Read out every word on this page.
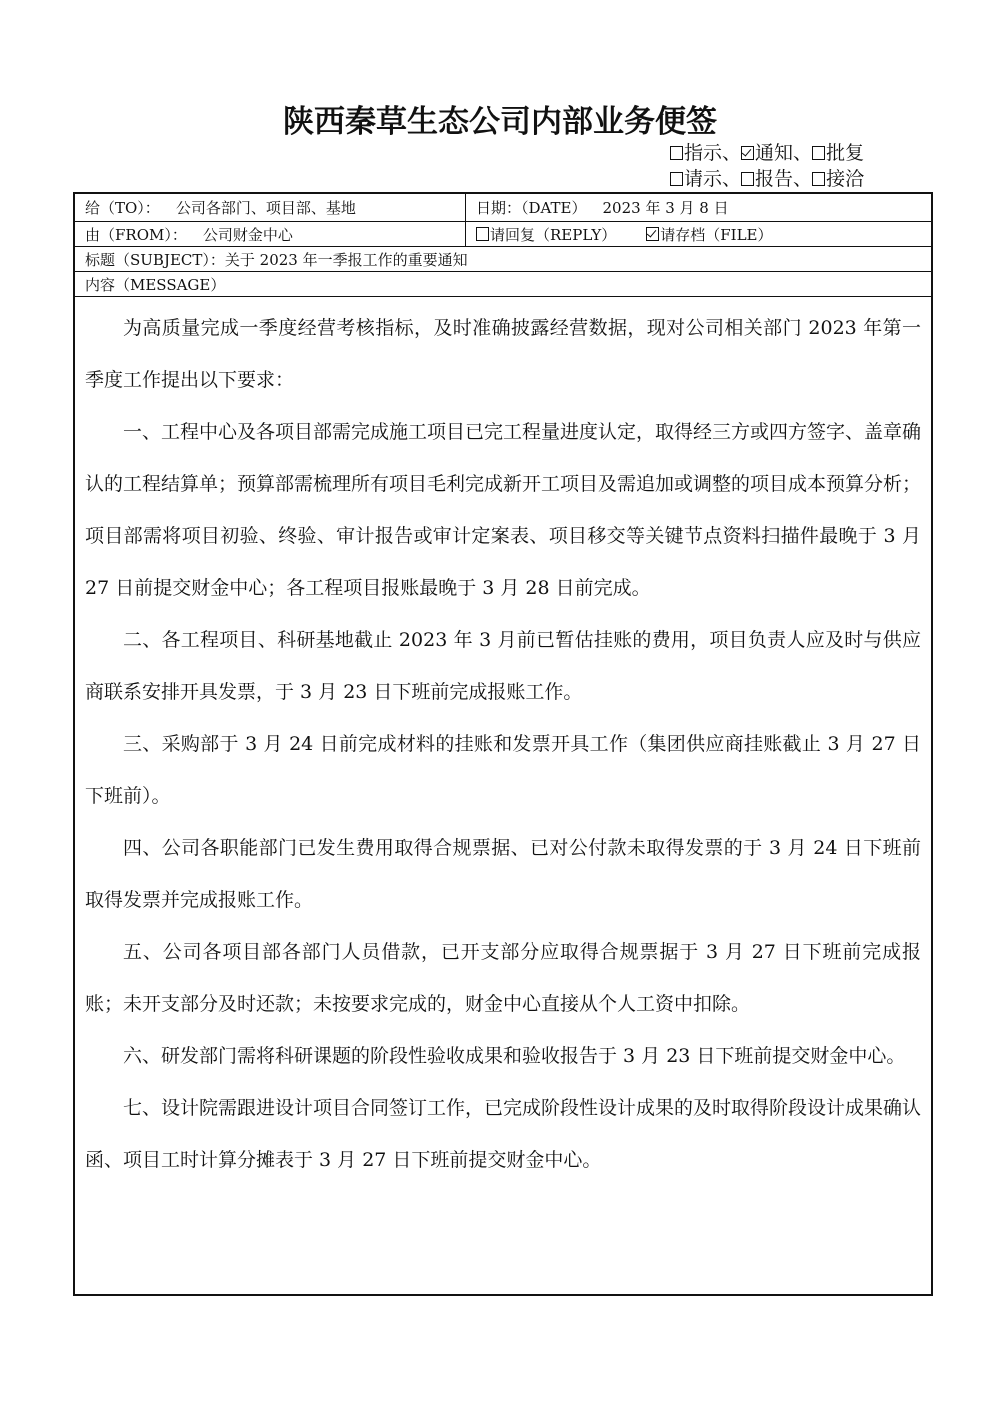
陕西秦草生态公司内部业务便签
指示、 通知、 批复
请示、 报告、 接洽
给（TO）： 公司各部门、项目部、基地	日期：（DATE） 2023 年 3 月 8 日
由（FROM）： 公司财金中心	请回复（REPLY）	请存档（FILE）
标题（SUBJECT）： 关于 2023 年一季报工作的重要通知
内容（MESSAGE）

为高质量完成一季度经营考核指标，及时准确披露经营数据，现对公司相关部门 2023 年第一季度工作提出以下要求：

一、工程中心及各项目部需完成施工项目已完工程量进度认定，取得经三方或四方签字、盖章确认的工程结算单；预算部需梳理所有项目毛利完成新开工项目及需追加或调整的项目成本预算分析；项目部需将项目初验、终验、审计报告或审计定案表、项目移交等关键节点资料扫描件最晚于 3 月 27 日前提交财金中心；各工程项目报账最晚于 3 月 28 日前完成。

二、各工程项目、科研基地截止 2023 年 3 月前已暂估挂账的费用，项目负责人应及时与供应商联系安排开具发票，于 3 月 23 日下班前完成报账工作。

三、采购部于 3 月 24 日前完成材料的挂账和发票开具工作（集团供应商挂账截止 3 月 27 日下班前）。

四、公司各职能部门已发生费用取得合规票据、已对公付款未取得发票的于 3 月 24 日下班前取得发票并完成报账工作。

五、公司各项目部各部门人员借款，已开支部分应取得合规票据于 3 月 27 日下班前完成报账；未开支部分及时还款；未按要求完成的，财金中心直接从个人工资中扣除。

六、研发部门需将科研课题的阶段性验收成果和验收报告于 3 月 23 日下班前提交财金中心。

七、设计院需跟进设计项目合同签订工作，已完成阶段性设计成果的及时取得阶段设计成果确认函、项目工时计算分摊表于 3 月 27 日下班前提交财金中心。
